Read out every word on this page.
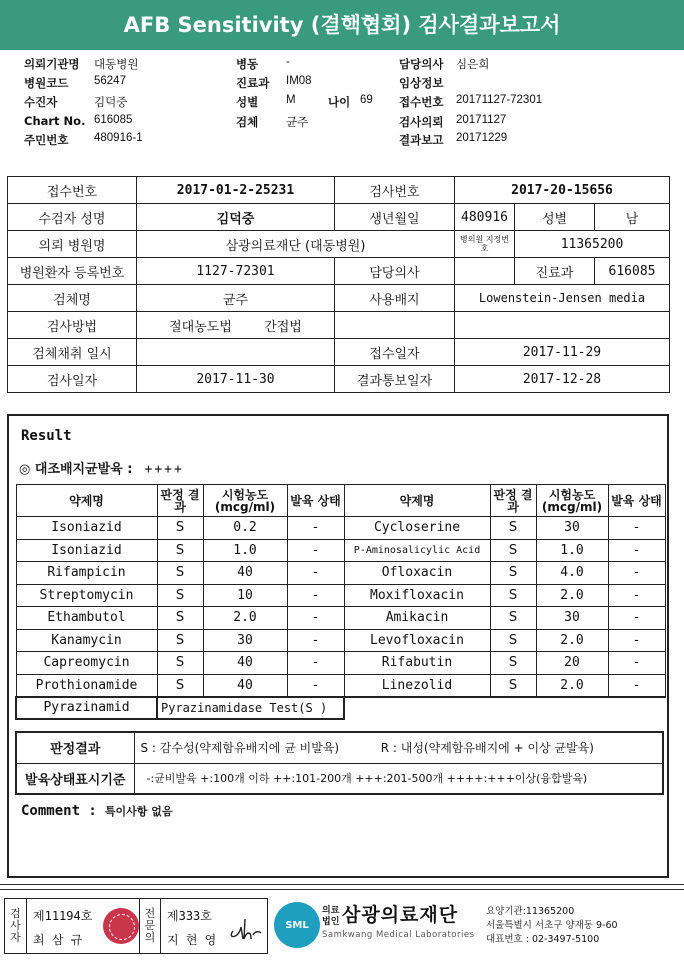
AFB Sensitivity (결핵협회) 검사결과보고서
의뢰기관명 대동병원
병원코드 56247
수진자	김덕중
Chart No. 616085
주민번호 480916-1
병동 -
진료과 IM08
성별 M	나이 69
검체 균주
담당의사 심은희
임상정보
접수번호 20171127-72301
검사의뢰 20171127
결과보고 20171229
접수번호	2017-01-2-25231	검사번호	2017-20-15656		
수검자 성명	김덕중	생년월일	480916	성별	남
의뢰 병원명	삼광의료재단 (대동병원)		병의원 지정번호	11365200	
병원환자 등록번호	1127-72301	담당의사		진료과	616085
검체명	균주	사용배지	Lowenstein-Jensen media		
검사방법	절대농도법 간접법				
검체채취 일시		접수일자	2017-11-29		
검사일자	2017-11-30	결과통보일자	2017-12-28		
Result
◎ 대조배지균발육 : ++++
약제명	판정 결과	시험농도 (mcg/ml)	발육 상태	약제명	판정 결과	시험농도 (mcg/ml)	발육 상태
Isoniazid	S	0.2	-	Cycloserine	S	30	-
Isoniazid	S	1.0	-	P-Aminosalicylic Acid	S	1.0	-
Rifampicin	S	40	-	Ofloxacin	S	4.0	-
Streptomycin	S	10	-	Moxifloxacin	S	2.0	-
Ethambutol	S	2.0	-	Amikacin	S	30	-
Kanamycin	S	30	-	Levofloxacin	S	2.0	-
Capreomycin	S	40	-	Rifabutin	S	20	-
Prothionamide	S	40	-	Linezolid	S	2.0	-
Pyrazinamid	Pyrazinamidase Test(S )						
판정결과	S : 감수성(약제함유배지에 균 비발육) R : 내성(약제함유배지에 + 이상 균발육)
발육상태표시기준	-:균비발육 +:100개 이하 ++:101-200개 +++:201-500개 ++++:+++이상(융합발육)
Comment : 특이사항 없음
검
사
자
제11194호
최 삼 규
전
문
의
제333호
지 현 영
SML
의료
법인 삼광의료재단
Samkwang Medical Laboratories
요양기관:11365200
서울특별시 서초구 양재동 9-60
대표번호 : 02-3497-5100
